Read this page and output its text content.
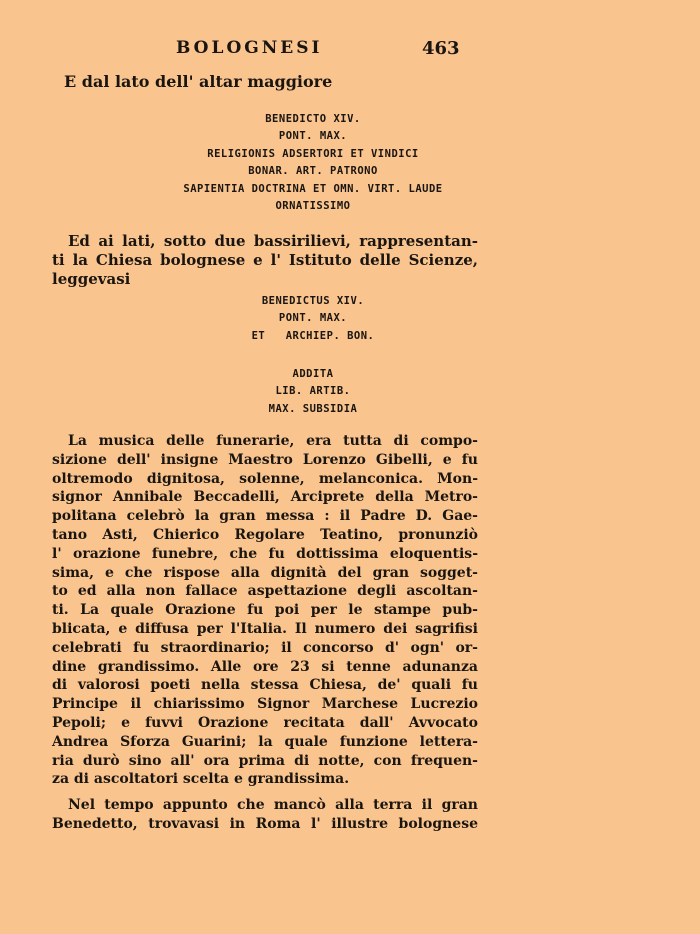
BOLOGNESI	463
E dal lato dell' altar maggiore
BENEDICTO XIV.
PONT. MAX.
RELIGIONIS ADSERTORI ET VINDICI
BONAR. ART. PATRONO
SAPIENTIA DOCTRINA ET OMN. VIRT. LAUDE
ORNATISSIMO
Ed ai lati, sotto due bassirilievi, rappresentan-
ti la Chiesa bolognese e l' Istituto delle Scienze,
leggevasi
BENEDICTUS XIV.
PONT. MAX.
ET   ARCHIEP. BON.
ADDITA
LIB. ARTIB.
MAX. SUBSIDIA
La musica delle funerarie, era tutta di compo-
sizione dell' insigne Maestro Lorenzo Gibelli, e fu
oltremodo dignitosa, solenne, melanconica. Mon-
signor Annibale Beccadelli, Arciprete della Metro-
politana celebrò la gran messa : il Padre D. Gae-
tano Asti, Chierico Regolare Teatino, pronunziò
l' orazione funebre, che fu dottissima eloquentis-
sima, e che rispose alla dignità del gran sogget-
to ed alla non fallace aspettazione degli ascoltan-
ti. La quale Orazione fu poi per le stampe pub-
blicata, e diffusa per l'Italia. Il numero dei sagrifisi
celebrati fu straordinario; il concorso d' ogn' or-
dine grandissimo. Alle ore 23 si tenne adunanza
di valorosi poeti nella stessa Chiesa, de' quali fu
Principe il chiarissimo Signor Marchese Lucrezio
Pepoli; e fuvvi Orazione recitata dall' Avvocato
Andrea Sforza Guarini; la quale funzione lettera-
ria durò sino all' ora prima di notte, con frequen-
za di ascoltatori scelta e grandissima.
Nel tempo appunto che mancò alla terra il gran
Benedetto, trovavasi in Roma l' illustre bolognese
